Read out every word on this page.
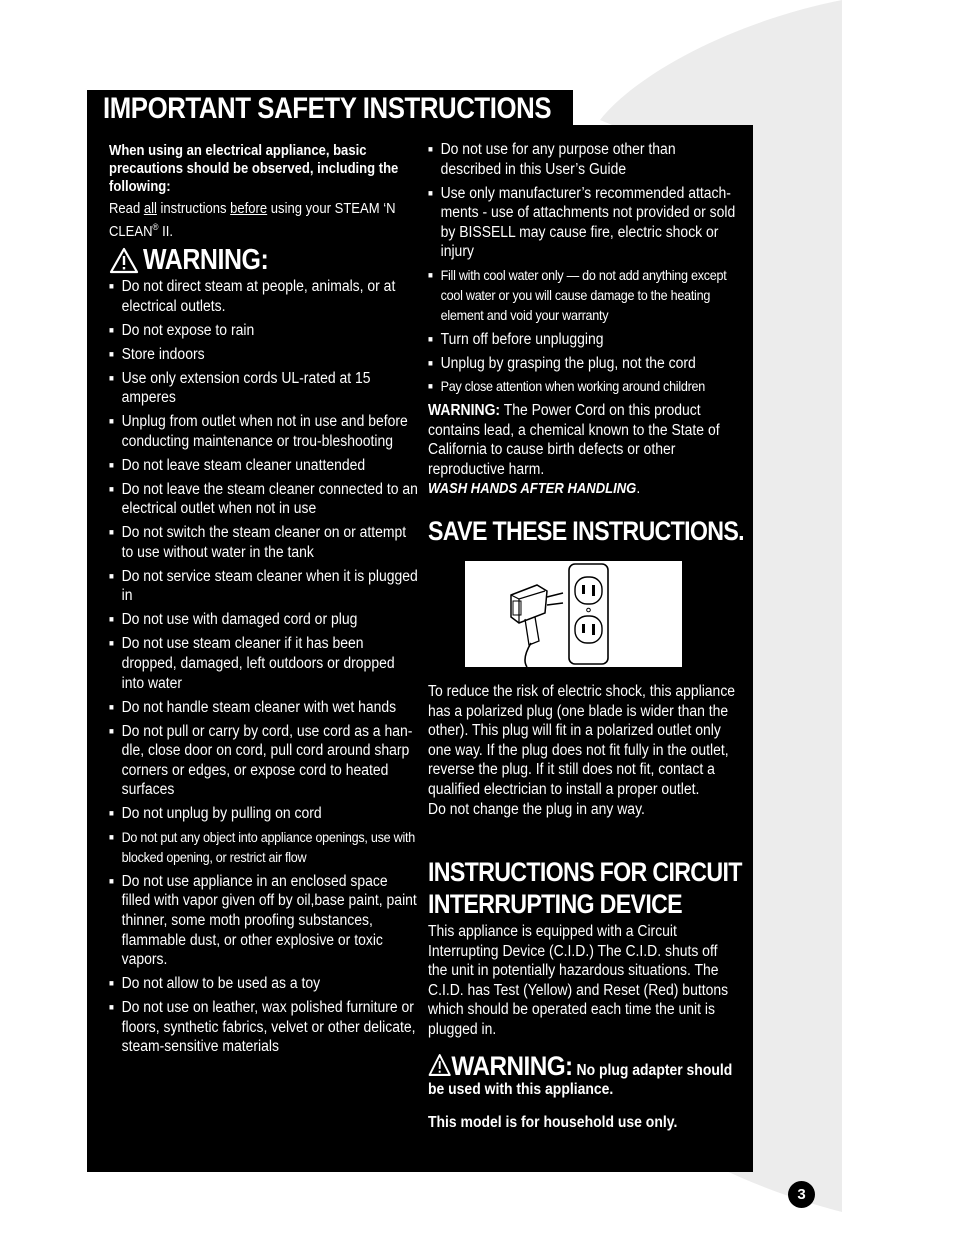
IMPORTANT SAFETY INSTRUCTIONS
When using an electrical appliance, basic precautions should be observed, including the following:
Read all instructions before using your STEAM ‘N CLEAN® II.
WARNING:
■ Do not direct steam at people, animals, or at electrical outlets.
■ Do not expose to rain
■ Store indoors
■ Use only extension cords UL-rated at 15 amperes
■ Unplug from outlet when not in use and before conducting maintenance or trou-bleshooting
■ Do not leave steam cleaner unattended
■ Do not leave the steam cleaner connected to an electrical outlet when not in use
■ Do not switch the steam cleaner on or attempt to use without water in the tank
■ Do not service steam cleaner when it is plugged in
■ Do not use with damaged cord or plug
■ Do not use steam cleaner if it has been dropped, damaged, left outdoors or dropped into water
■ Do not handle steam cleaner with wet hands
■ Do not pull or carry by cord, use cord as a han-dle, close door on cord, pull cord around sharp corners or edges, or expose cord to heated surfaces
■ Do not unplug by pulling on cord
■ Do not put any object into appliance openings, use with blocked opening, or restrict air flow
■ Do not use appliance in an enclosed space filled with vapor given off by oil,base paint, paint thinner, some moth proofing substances, flammable dust, or other explosive or toxic vapors.
■ Do not allow to be used as a toy
■ Do not use on leather, wax polished furniture or floors, synthetic fabrics, velvet or other delicate, steam-sensitive materials
■ Do not use for any purpose other than described in this User’s Guide
■ Use only manufacturer’s recommended attach-ments - use of attachments not provided or sold by BISSELL may cause fire, electric shock or injury
■ Fill with cool water only — do not add anything except cool water or you will cause damage to the heating element and void your warranty
■ Turn off before unplugging
■ Unplug by grasping the plug, not the cord
■ Pay close attention when working around children
WARNING: The Power Cord on this product contains lead, a chemical known to the State of California to cause birth defects or other reproductive harm.
WASH HANDS AFTER HANDLING.
SAVE THESE INSTRUCTIONS.
To reduce the risk of electric shock, this appliance has a polarized plug (one blade is wider than the other). This plug will fit in a polarized outlet only one way. If the plug does not fit fully in the outlet, reverse the plug. If it still does not fit, contact a qualified electrician to install a proper outlet.
Do not change the plug in any way.
INSTRUCTIONS FOR CIRCUIT INTERRUPTING DEVICE
This appliance is equipped with a Circuit Interrupting Device (C.I.D.) The C.I.D. shuts off the unit in potentially hazardous situations. The C.I.D. has Test (Yellow) and Reset (Red) buttons which should be operated each time the unit is plugged in.
WARNING: No plug adapter should be used with this appliance.
This model is for household use only.
3
